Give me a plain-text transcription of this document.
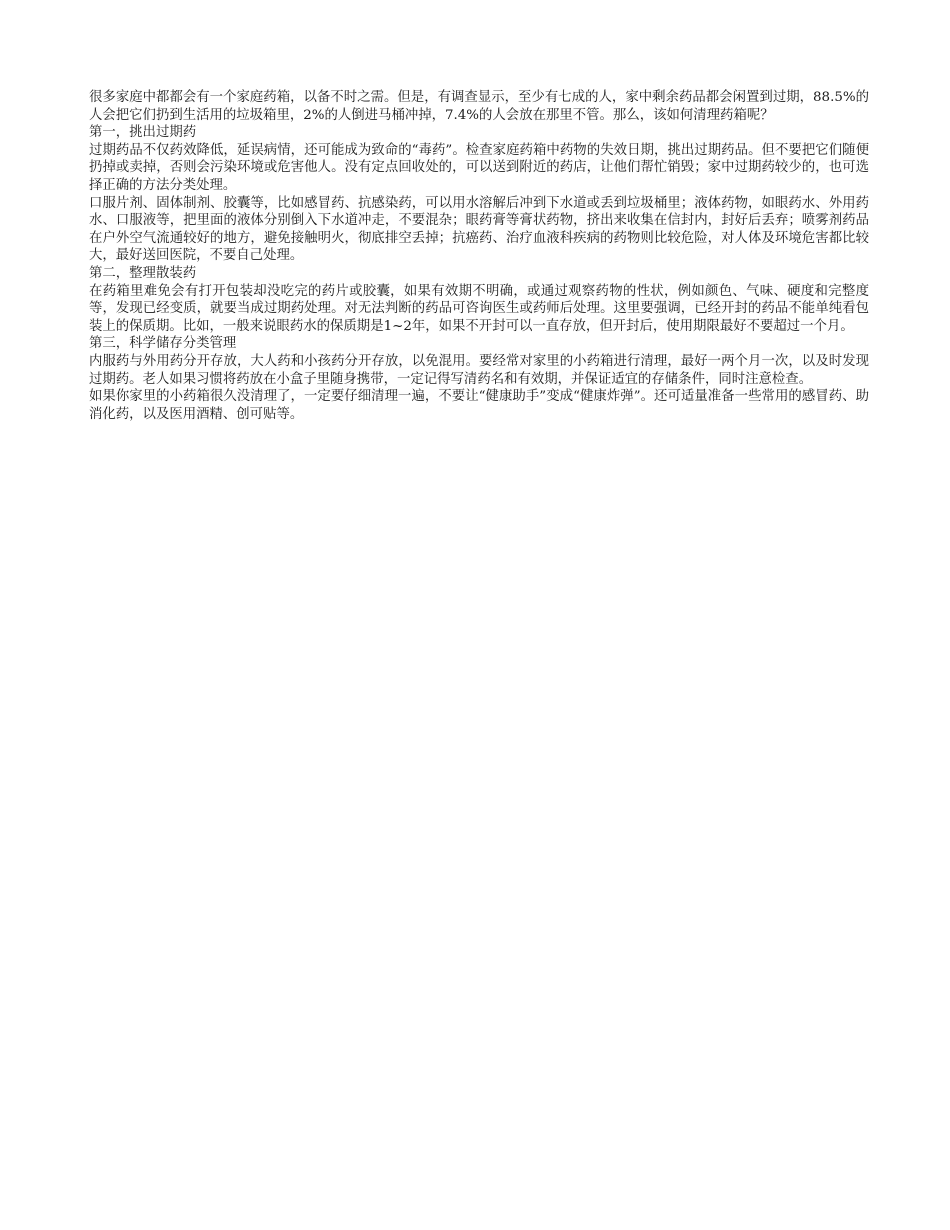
很多家庭中都都会有一个家庭药箱，以备不时之需。但是，有调查显示，至少有七成的人，家中剩余药品都会闲置到过期，88.5%的人会把它们扔到生活用的垃圾箱里，2%的人倒进马桶冲掉，7.4%的人会放在那里不管。那么，该如何清理药箱呢？

第一，挑出过期药

过期药品不仅药效降低，延误病情，还可能成为致命的“毒药”。检查家庭药箱中药物的失效日期，挑出过期药品。但不要把它们随便扔掉或卖掉，否则会污染环境或危害他人。没有定点回收处的，可以送到附近的药店，让他们帮忙销毁；家中过期药较少的，也可选择正确的方法分类处理。

口服片剂、固体制剂、胶囊等，比如感冒药、抗感染药，可以用水溶解后冲到下水道或丢到垃圾桶里；液体药物，如眼药水、外用药水、口服液等，把里面的液体分别倒入下水道冲走，不要混杂；眼药膏等膏状药物，挤出来收集在信封内，封好后丢弃；喷雾剂药品在户外空气流通较好的地方，避免接触明火，彻底排空丢掉；抗癌药、治疗血液科疾病的药物则比较危险，对人体及环境危害都比较大，最好送回医院，不要自己处理。

第二，整理散装药

在药箱里难免会有打开包装却没吃完的药片或胶囊，如果有效期不明确，或通过观察药物的性状，例如颜色、气味、硬度和完整度等，发现已经变质，就要当成过期药处理。对无法判断的药品可咨询医生或药师后处理。这里要强调，已经开封的药品不能单纯看包装上的保质期。比如，一般来说眼药水的保质期是1~2年，如果不开封可以一直存放，但开封后，使用期限最好不要超过一个月。

第三，科学储存分类管理

内服药与外用药分开存放，大人药和小孩药分开存放，以免混用。要经常对家里的小药箱进行清理，最好一两个月一次，以及时发现过期药。老人如果习惯将药放在小盒子里随身携带，一定记得写清药名和有效期，并保证适宜的存储条件，同时注意检查。

如果你家里的小药箱很久没清理了，一定要仔细清理一遍，不要让“健康助手”变成“健康炸弹”。还可适量准备一些常用的感冒药、助消化药，以及医用酒精、创可贴等。
